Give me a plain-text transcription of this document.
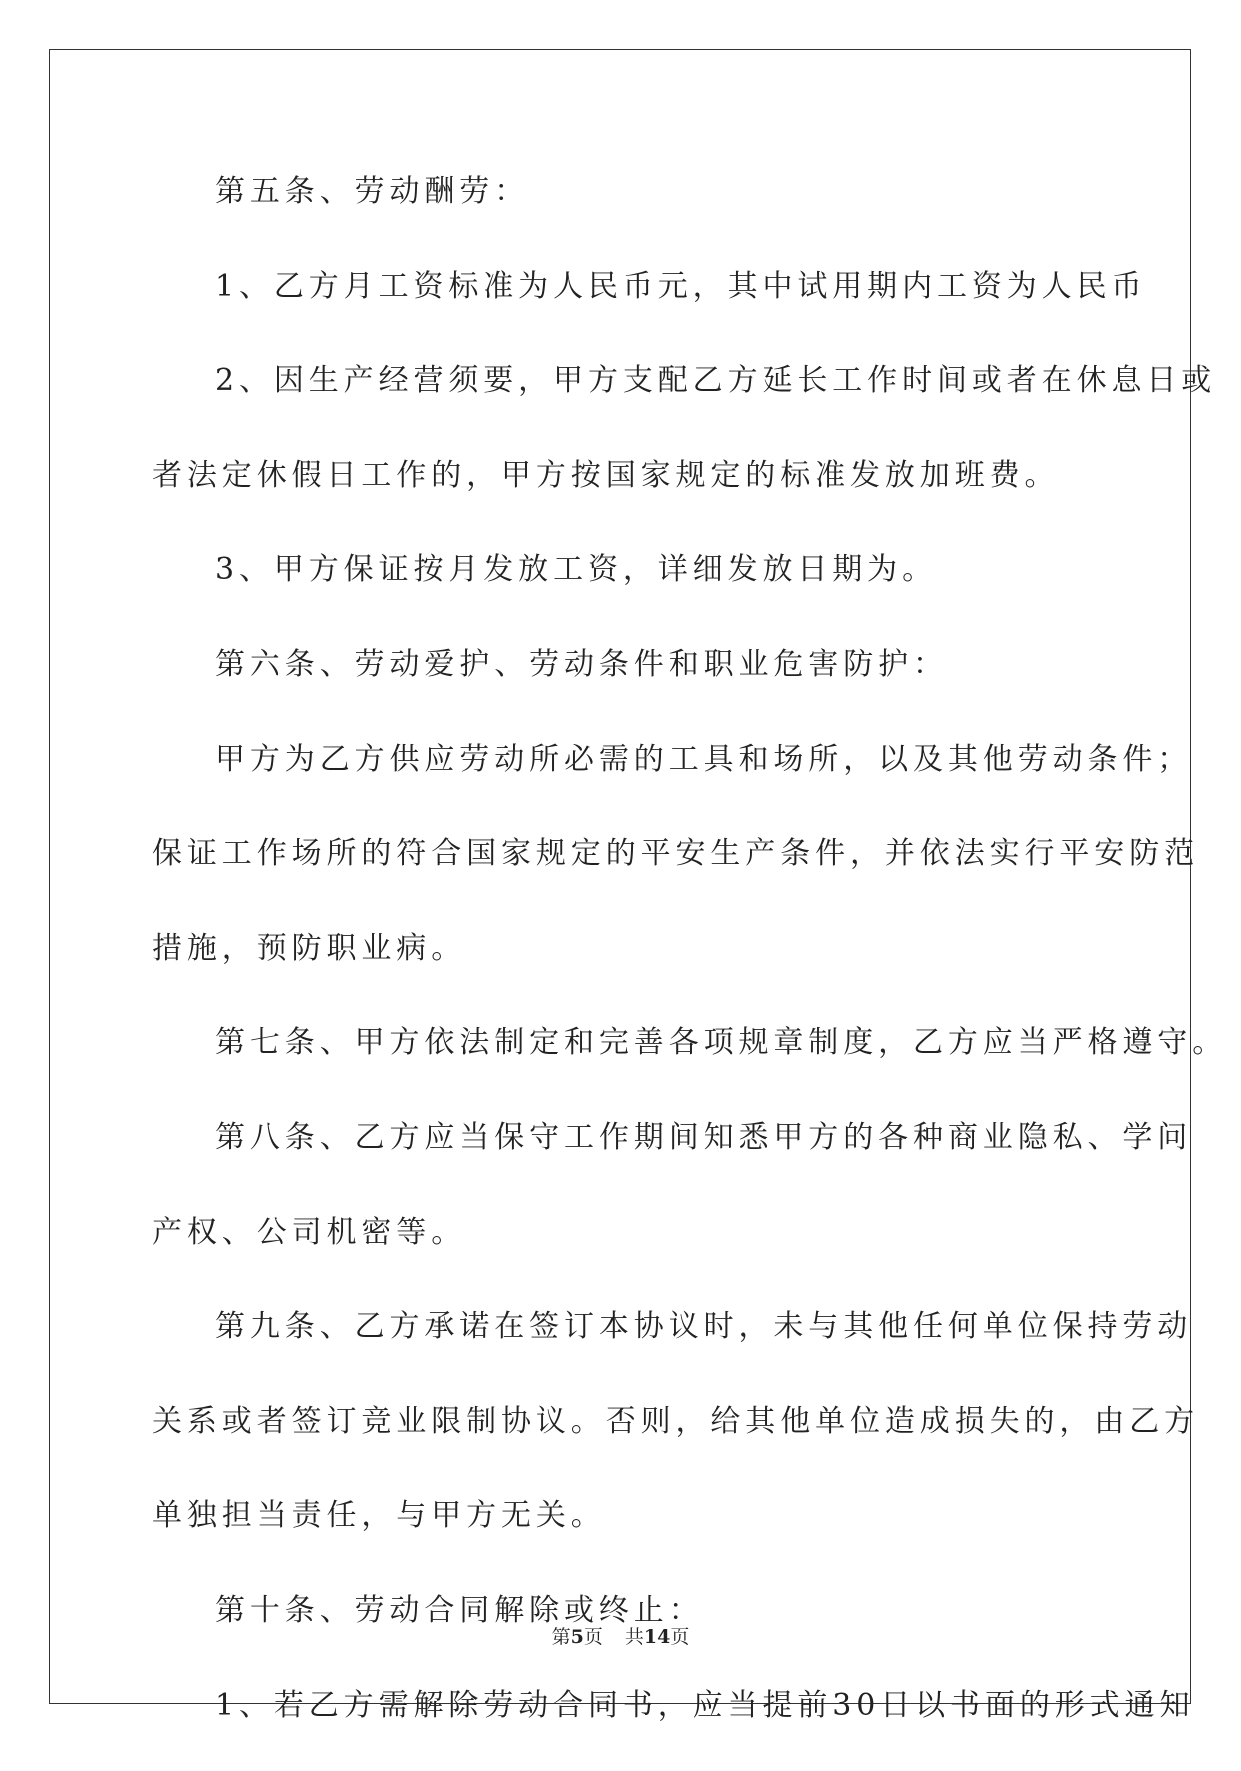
第五条、劳动酬劳：

1、乙方月工资标准为人民币元，其中试用期内工资为人民币

2、因生产经营须要，甲方支配乙方延长工作时间或者在休息日或

者法定休假日工作的，甲方按国家规定的标准发放加班费。

3、甲方保证按月发放工资，详细发放日期为。

第六条、劳动爱护、劳动条件和职业危害防护：

甲方为乙方供应劳动所必需的工具和场所，以及其他劳动条件；

保证工作场所的符合国家规定的平安生产条件，并依法实行平安防范

措施，预防职业病。

第七条、甲方依法制定和完善各项规章制度，乙方应当严格遵守。

第八条、乙方应当保守工作期间知悉甲方的各种商业隐私、学问

产权、公司机密等。

第九条、乙方承诺在签订本协议时，未与其他任何单位保持劳动

关系或者签订竞业限制协议。否则，给其他单位造成损失的，由乙方

单独担当责任，与甲方无关。

第十条、劳动合同解除或终止：

1、若乙方需解除劳动合同书，应当提前30日以书面的形式通知

第5页 共14页
